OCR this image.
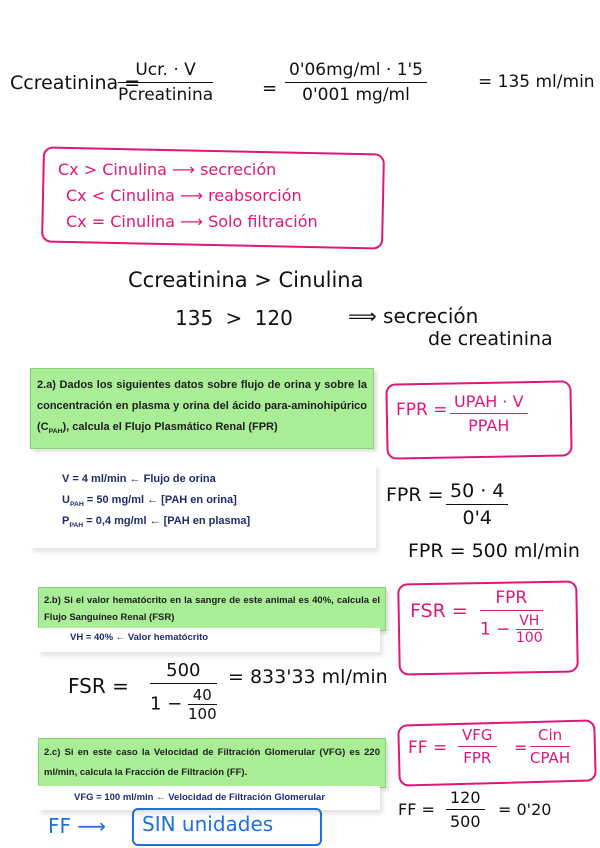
Ccreatinina =
Ucr. · V
Pcreatinina	= $\frac{0'06mg/ml \cdot 1'5}{0'001 mg/ml}$	= 135 ml/min
Cx > Cinulina ⟶ secreción
Cx < Cinulina ⟶ reabsorción
Cx = Cinulina ⟶ Solo filtración
Ccreatinina > Cinulina
135 > 120	⟹ secreción
de creatinina
2.a) Dados los siguientes datos sobre flujo de orina y sobre la concentración en plasma y orina del ácido para-aminohipúrico $(C_{PAH})$, calcula el Flujo Plasmático Renal (FPR)
V = 4 ml/min ← Flujo de orina
$U_{PAH} = 50$ mg/ml ← [PAH en orina]
$P_{PAH} = 0,4$ mg/ml ← [PAH en plasma]
FPR = UPAH · V
PPAH
FPR = $\frac{50 \cdot 4}{0'4}$
FPR = 500 ml/min
2.b) Si el valor hematócrito en la sangre de este animal es 40%, calcula el Flujo Sanguíneo Renal (FSR)
VH = 40% ← Valor hematócrito
FSR =
FPR
$1 - \frac{VH}{100}$
FSR = $\frac{500}{1 - \frac{40}{100}} = 833'33$ ml/min
2.c) Si en este caso la Velocidad de Filtración Glomerular (VFG) es 220 ml/min, calcula la Fracción de Filtración (FF).
VFG = 100 ml/min ← Velocidad de Filtración Glomerular
FF =
VFG
FPR
=
Cin
CPAH
FF = $\frac{120}{500} = 0'20$
FF ⟶ SIN unidades
